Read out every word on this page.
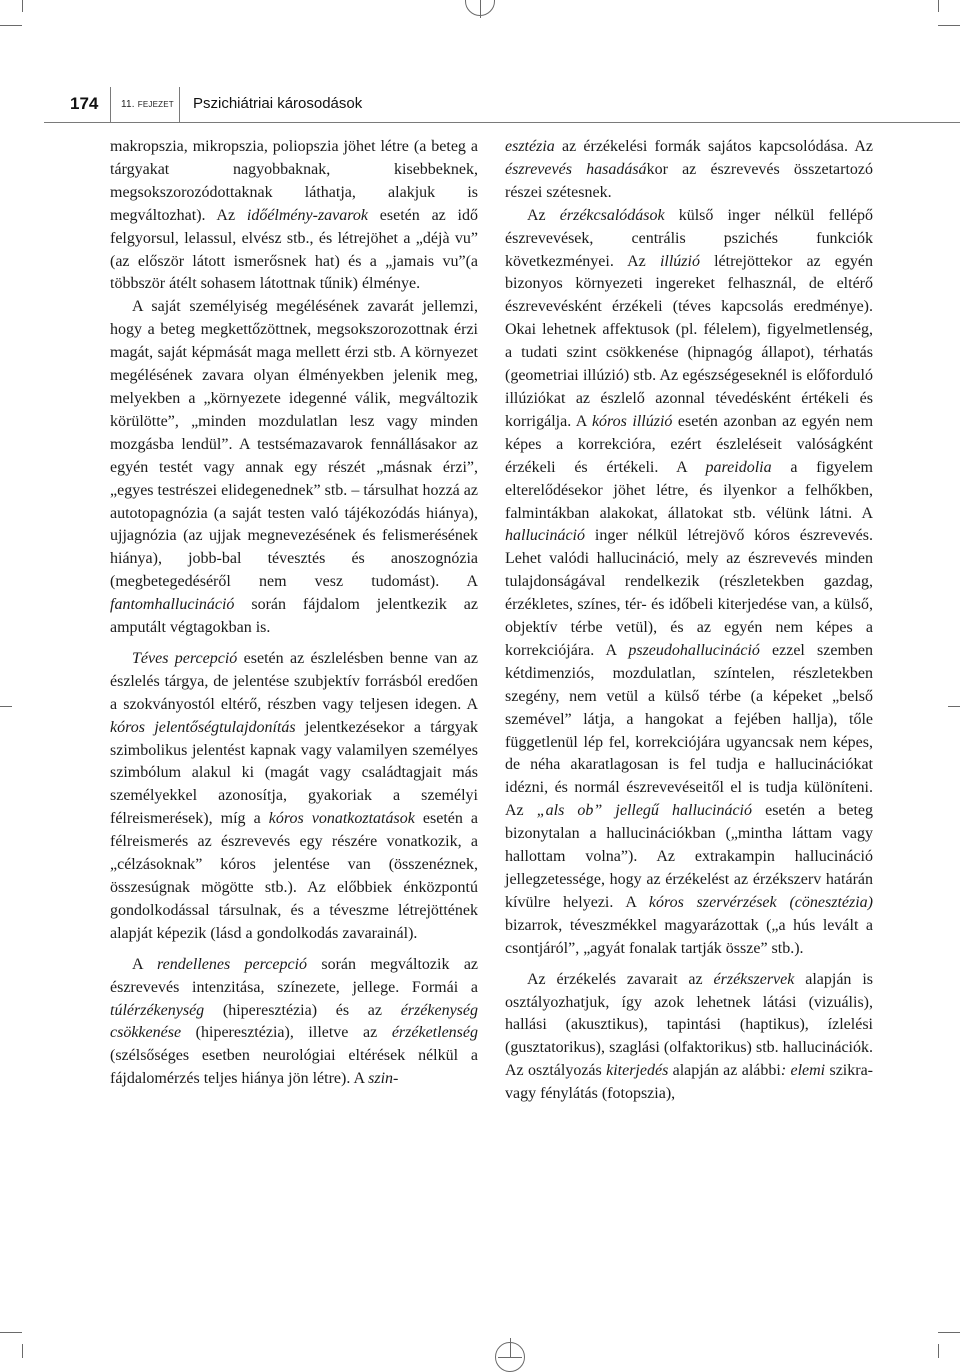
174 11. FEJEZET Pszichiátriai károsodások

makropszia, mikropszia, poliopszia jöhet létre (a beteg a tárgyakat nagyobbaknak, kisebbeknek, megsokszorozódottaknak láthatja, alakjuk is megváltozhat). Az időélmény-zavarok esetén az idő felgyorsul, lelassul, elvész stb., és létrejöhet a „déjà vu” (az először látott ismerősnek hat) és a „jamais vu”(a többször átélt sohasem látottnak tűnik) élménye.

A saját személyiség megélésének zavarát jellemzi, hogy a beteg megkettőzöttnek, megsokszorozottnak érzi magát, saját képmását maga mellett érzi stb. A környezet megélésének zavara olyan élményekben jelenik meg, melyekben a „környezete idegenné válik, megváltozik körülötte”, „minden mozdulatlan lesz vagy minden mozgásba lendül”. A testsémazavarok fennállásakor az egyén testét vagy annak egy részét „másnak érzi”, „egyes testrészei elidegenednek” stb. – társulhat hozzá az autotopagnózia (a saját testen való tájékozódás hiánya), ujjagnózia (az ujjak megnevezésének és felismerésének hiánya), jobb-bal tévesztés és anoszognózia (megbetegedéséről nem vesz tudomást). A fantomhallucináció során fájdalom jelentkezik az amputált végtagokban is.

Téves percepció esetén az észlelésben benne van az észlelés tárgya, de jelentése szubjektív forrásból eredően a szokványostól eltérő, részben vagy teljesen idegen. A kóros jelentőségtulajdonítás jelentkezésekor a tárgyak szimbolikus jelentést kapnak vagy valamilyen személyes szimbólum alakul ki (magát vagy családtagjait más személyekkel azonosítja, gyakoriak a személyi félreismerések), míg a kóros vonatkoztatások esetén a félreismerés az észrevevés egy részére vonatkozik, a „célzásoknak” kóros jelentése van (összenéznek, összesúgnak mögötte stb.). Az előbbiek énközpontú gondolkodással társulnak, és a téveszme létrejöttének alapját képezik (lásd a gondolkodás zavarainál).

A rendellenes percepció során megváltozik az észrevevés intenzitása, színezete, jellege. Formái a túlérzékenység (hiperesztézia) és az érzékenység csökkenése (hiperesztézia), illetve az érzéketlenség (szélsőséges esetben neurológiai eltérések nélkül a fájdalomérzés teljes hiánya jön létre). A szin-

esztézia az érzékelési formák sajátos kapcsolódása. Az észrevevés hasadásákor az észrevevés összetartozó részei szétesnek.

Az érzékcsalódások külső inger nélkül fellépő észrevevések, centrális pszichés funkciók következményei. Az illúzió létrejöttekor az egyén bizonyos környezeti ingereket felhasznál, de eltérő észrevevésként érzékeli (téves kapcsolás eredménye). Okai lehetnek affektusok (pl. félelem), figyelmetlenség, a tudati szint csökkenése (hipnagóg állapot), térhatás (geometriai illúzió) stb. Az egészségeseknél is előforduló illúziókat az észlelő azonnal tévedésként értékeli és korrigálja. A kóros illúzió esetén azonban az egyén nem képes a korrekcióra, ezért észleléseit valóságként érzékeli és értékeli. A pareidolia a figyelem elterelődésekor jöhet létre, és ilyenkor a felhőkben, falmintákban alakokat, állatokat stb. vélünk látni. A hallucináció inger nélkül létrejövő kóros észrevevés. Lehet valódi hallucináció, mely az észrevevés minden tulajdonságával rendelkezik (részletekben gazdag, érzékletes, színes, tér- és időbeli kiterjedése van, a külső, objektív térbe vetül), és az egyén nem képes a korrekciójára. A pszeudohallucináció ezzel szemben kétdimenziós, mozdulatlan, színtelen, részletekben szegény, nem vetül a külső térbe (a képeket „belső szemével” látja, a hangokat a fejében hallja), tőle függetlenül lép fel, korrekciójára ugyancsak nem képes, de néha akaratlagosan is fel tudja e hallucinációkat idézni, és normál észrevevéseitől el is tudja különíteni. Az „als ob” jellegű hallucináció esetén a beteg bizonytalan a hallucinációkban („mintha láttam vagy hallottam volna”). Az extrakampin hallucináció jellegzetessége, hogy az érzékelést az érzékszerv határán kívülre helyezi. A kóros szervérzések (cönesztézia) bizarrok, téveszmékkel magyarázottak („a hús levált a csontjáról”, „agyát fonalak tartják össze” stb.).

Az érzékelés zavarait az érzékszervek alapján is osztályozhatjuk, így azok lehetnek látási (vizuális), hallási (akusztikus), tapintási (haptikus), ízlelési (gusztatorikus), szaglási (olfaktorikus) stb. hallucinációk. Az osztályozás kiterjedés alapján az alábbi: elemi szikra- vagy fénylátás (fotopszia),
